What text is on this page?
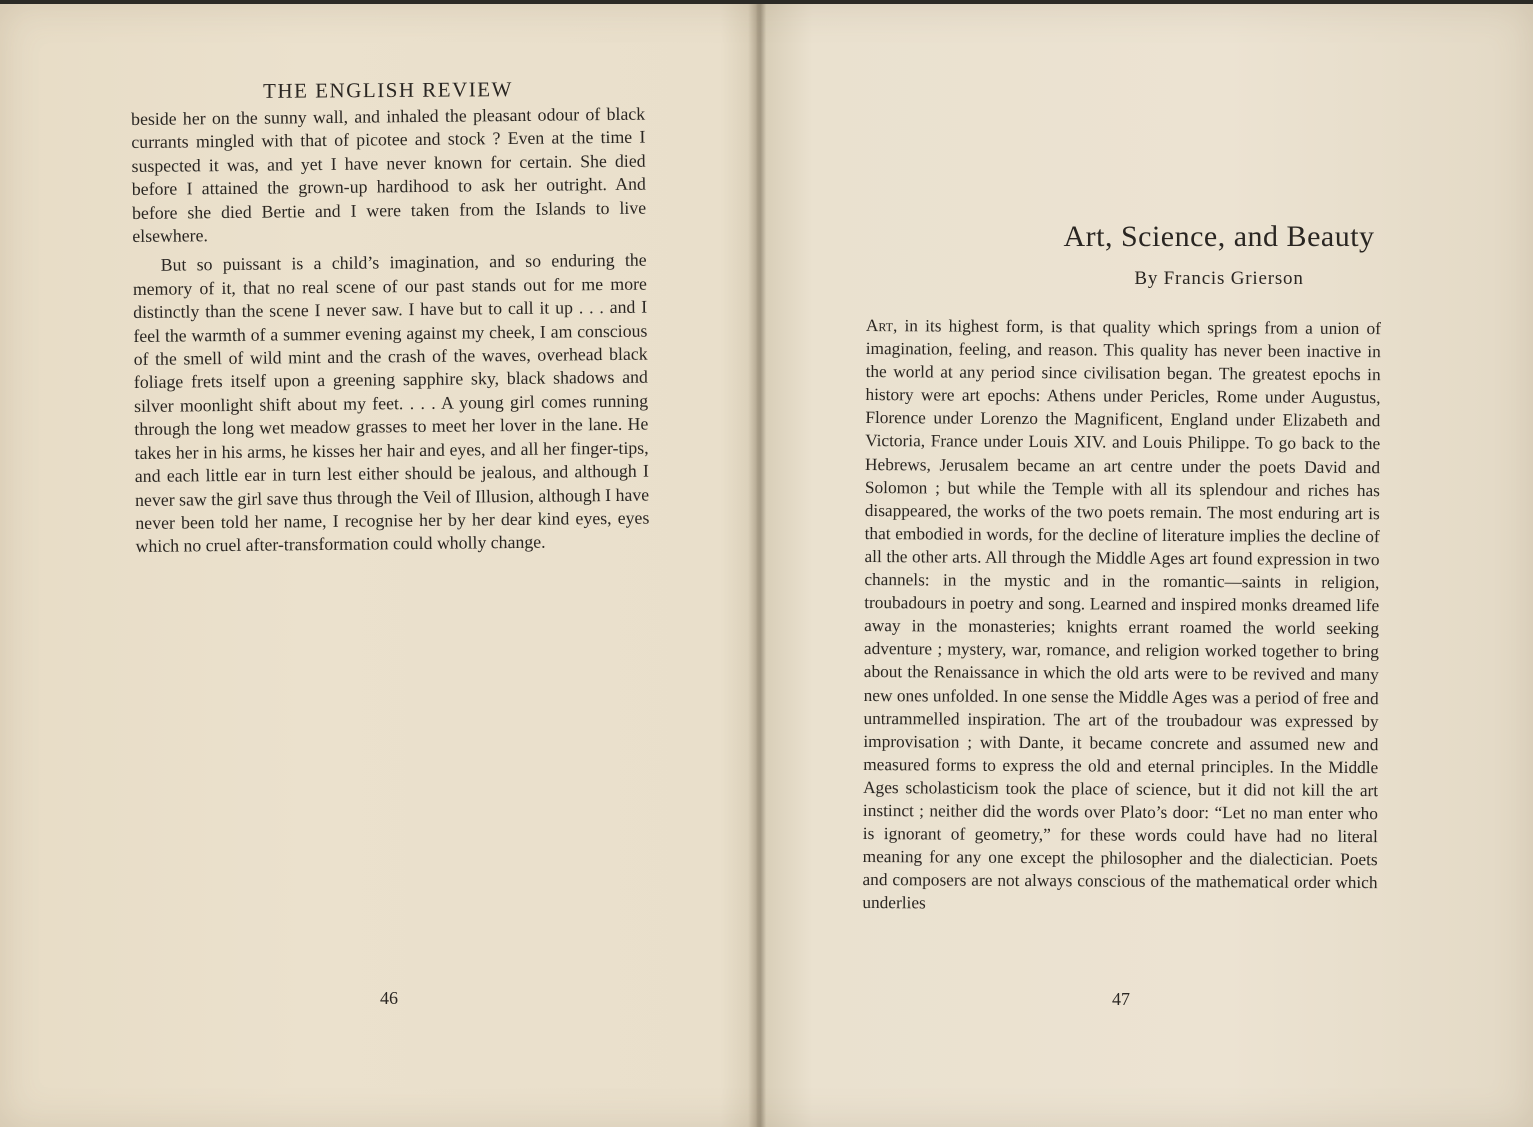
THE ENGLISH REVIEW

beside her on the sunny wall, and inhaled the pleasant odour of black currants mingled with that of picotee and stock ? Even at the time I suspected it was, and yet I have never known for certain. She died before I attained the grown-up hardihood to ask her outright. And before she died Bertie and I were taken from the Islands to live elsewhere.

But so puissant is a child’s imagination, and so enduring the memory of it, that no real scene of our past stands out for me more distinctly than the scene I never saw. I have but to call it up . . . and I feel the warmth of a summer evening against my cheek, I am conscious of the smell of wild mint and the crash of the waves, overhead black foliage frets itself upon a greening sapphire sky, black shadows and silver moonlight shift about my feet. . . . A young girl comes running through the long wet meadow grasses to meet her lover in the lane. He takes her in his arms, he kisses her hair and eyes, and all her finger-tips, and each little ear in turn lest either should be jealous, and although I never saw the girl save thus through the Veil of Illusion, although I have never been told her name, I recognise her by her dear kind eyes, eyes which no cruel after-transformation could wholly change.

46
Art, Science, and Beauty
By Francis Grierson

Art, in its highest form, is that quality which springs from a union of imagination, feeling, and reason. This quality has never been inactive in the world at any period since civilisation began. The greatest epochs in history were art epochs: Athens under Pericles, Rome under Augustus, Florence under Lorenzo the Magnificent, England under Elizabeth and Victoria, France under Louis XIV. and Louis Philippe. To go back to the Hebrews, Jerusalem became an art centre under the poets David and Solomon ; but while the Temple with all its splendour and riches has disappeared, the works of the two poets remain. The most enduring art is that embodied in words, for the decline of literature implies the decline of all the other arts. All through the Middle Ages art found expression in two channels: in the mystic and in the romantic—saints in religion, troubadours in poetry and song. Learned and inspired monks dreamed life away in the monasteries; knights errant roamed the world seeking adventure ; mystery, war, romance, and religion worked together to bring about the Renaissance in which the old arts were to be revived and many new ones unfolded. In one sense the Middle Ages was a period of free and untrammelled inspiration. The art of the troubadour was expressed by improvisation ; with Dante, it became concrete and assumed new and measured forms to express the old and eternal principles. In the Middle Ages scholasticism took the place of science, but it did not kill the art instinct ; neither did the words over Plato’s door: “Let no man enter who is ignorant of geometry,” for these words could have had no literal meaning for any one except the philosopher and the dialectician. Poets and composers are not always conscious of the mathematical order which underlies

47
